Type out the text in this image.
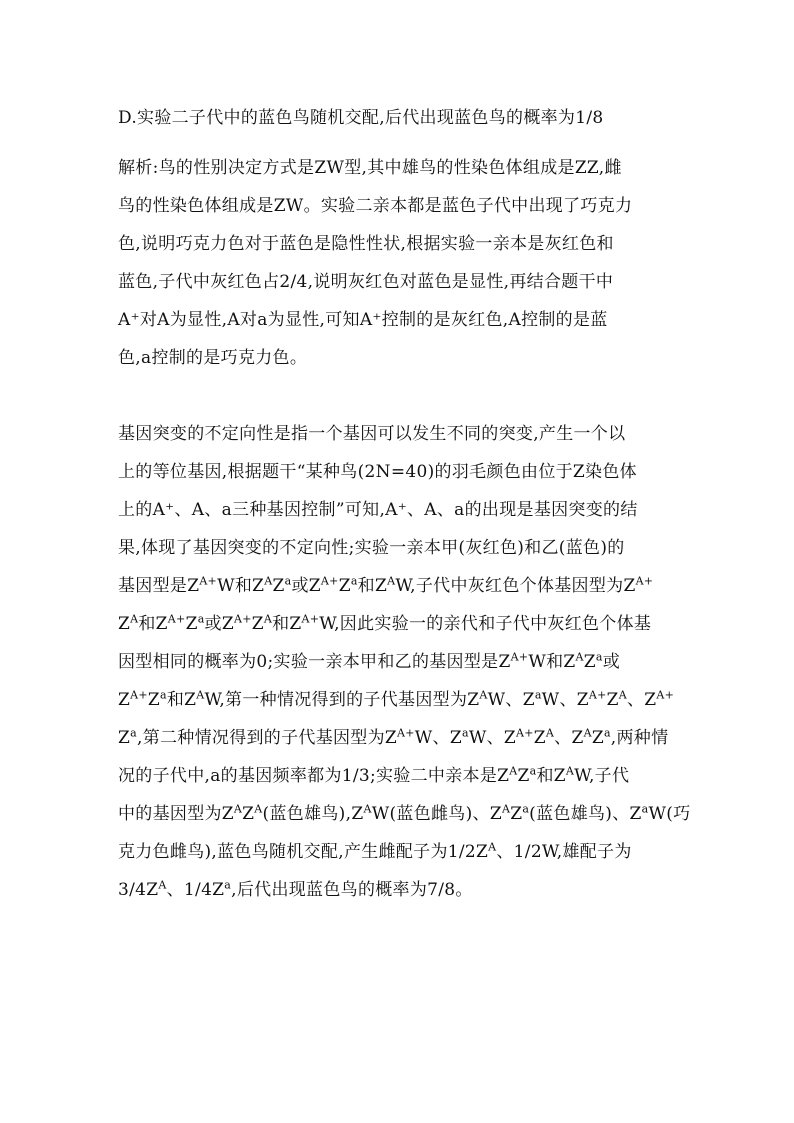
D.实验二子代中的蓝色鸟随机交配,后代出现蓝色鸟的概率为1/8

解析:鸟的性别决定方式是ZW型,其中雄鸟的性染色体组成是ZZ,雌
鸟的性染色体组成是ZW。实验二亲本都是蓝色子代中出现了巧克力
色,说明巧克力色对于蓝色是隐性性状,根据实验一亲本是灰红色和
蓝色,子代中灰红色占2/4,说明灰红色对蓝色是显性,再结合题干中
A⁺对A为显性,A对a为显性,可知A⁺控制的是灰红色,A控制的是蓝
色,a控制的是巧克力色。

基因突变的不定向性是指一个基因可以发生不同的突变,产生一个以
上的等位基因,根据题干“某种鸟(2N=40)的羽毛颜色由位于Z染色体
上的A⁺、A、a三种基因控制”可知,A⁺、A、a的出现是基因突变的结
果,体现了基因突变的不定向性;实验一亲本甲(灰红色)和乙(蓝色)的
基因型是$Z^{A+}W$和$Z^AZ^a$或$Z^{A+}Z^a$和$Z^AW$,子代中灰红色个体基因型为$Z^{A+}$
$Z^A$和$Z^{A+}Z^a$或$Z^{A+}Z^A$和$Z^{A+}W$,因此实验一的亲代和子代中灰红色个体基
因型相同的概率为0;实验一亲本甲和乙的基因型是$Z^{A+}W$和$Z^AZ^a$或
$Z^{A+}Z^a$和$Z^AW$,第一种情况得到的子代基因型为$Z^AW$、$Z^aW$、$Z^{A+}Z^A$、$Z^{A+}$
$Z^a$,第二种情况得到的子代基因型为$Z^{A+}W$、$Z^aW$、$Z^{A+}Z^A$、$Z^AZ^a$,两种情
况的子代中,a的基因频率都为1/3;实验二中亲本是$Z^AZ^a$和$Z^AW$,子代
中的基因型为$Z^AZ^A$(蓝色雄鸟)$,Z^AW$(蓝色雌鸟)、$Z^AZ^a$(蓝色雄鸟)、$Z^aW$(巧
克力色雌鸟),蓝色鸟随机交配,产生雌配子为$1/2Z^A$、1/2W,雄配子为
$3/4Z^A$、$1/4Z^a$,后代出现蓝色鸟的概率为7/8。
